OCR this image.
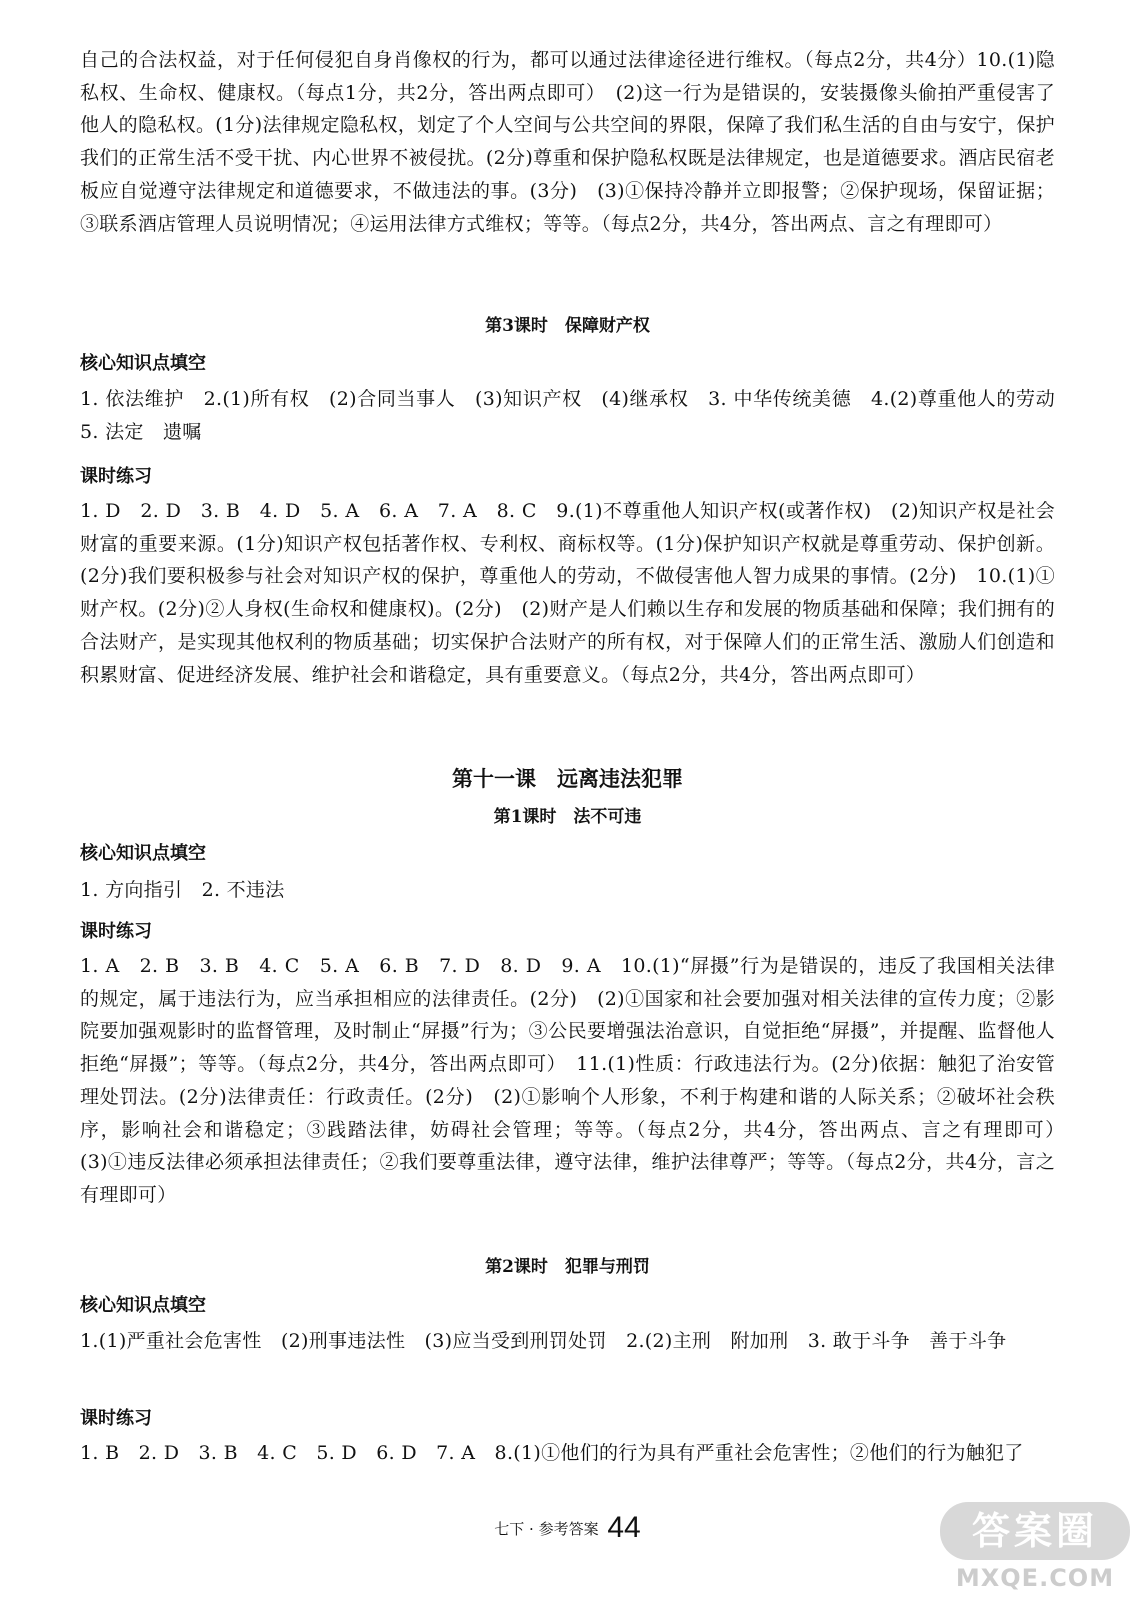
自己的合法权益，对于任何侵犯自身肖像权的行为，都可以通过法律途径进行维权。（每点2分，共4分）10.(1)隐私权、生命权、健康权。（每点1分，共2分，答出两点即可）　(2)这一行为是错误的，安装摄像头偷拍严重侵害了他人的隐私权。(1分)法律规定隐私权，划定了个人空间与公共空间的界限，保障了我们私生活的自由与安宁，保护我们的正常生活不受干扰、内心世界不被侵扰。(2分)尊重和保护隐私权既是法律规定，也是道德要求。酒店民宿老板应自觉遵守法律规定和道德要求，不做违法的事。(3分)　(3)①保持冷静并立即报警；②保护现场，保留证据；③联系酒店管理人员说明情况；④运用法律方式维权；等等。（每点2分，共4分，答出两点、言之有理即可）

第3课时　保障财产权
核心知识点填空

1. 依法维护　2.(1)所有权　(2)合同当事人　(3)知识产权　(4)继承权　3. 中华传统美德　4.(2)尊重他人的劳动　5. 法定　遗嘱

课时练习

1. D　2. D　3. B　4. D　5. A　6. A　7. A　8. C　9.(1)不尊重他人知识产权(或著作权)　(2)知识产权是社会财富的重要来源。(1分)知识产权包括著作权、专利权、商标权等。(1分)保护知识产权就是尊重劳动、保护创新。(2分)我们要积极参与社会对知识产权的保护，尊重他人的劳动，不做侵害他人智力成果的事情。(2分)　10.(1)①财产权。(2分)②人身权(生命权和健康权)。(2分)　(2)财产是人们赖以生存和发展的物质基础和保障；我们拥有的合法财产，是实现其他权利的物质基础；切实保护合法财产的所有权，对于保障人们的正常生活、激励人们创造和积累财富、促进经济发展、维护社会和谐稳定，具有重要意义。（每点2分，共4分，答出两点即可）

第十一课　远离违法犯罪
第1课时　法不可违
核心知识点填空

1. 方向指引　2. 不违法

课时练习

1. A　2. B　3. B　4. C　5. A　6. B　7. D　8. D　9. A　10.(1)“屏摄”行为是错误的，违反了我国相关法律的规定，属于违法行为，应当承担相应的法律责任。(2分)　(2)①国家和社会要加强对相关法律的宣传力度；②影院要加强观影时的监督管理，及时制止“屏摄”行为；③公民要增强法治意识，自觉拒绝“屏摄”，并提醒、监督他人拒绝“屏摄”；等等。（每点2分，共4分，答出两点即可）　11.(1)性质：行政违法行为。(2分)依据：触犯了治安管理处罚法。(2分)法律责任：行政责任。(2分)　(2)①影响个人形象，不利于构建和谐的人际关系；②破坏社会秩序，影响社会和谐稳定；③践踏法律，妨碍社会管理；等等。（每点2分，共4分，答出两点、言之有理即可）　(3)①违反法律必须承担法律责任；②我们要尊重法律，遵守法律，维护法律尊严；等等。（每点2分，共4分，言之有理即可）

第2课时　犯罪与刑罚
核心知识点填空

1.(1)严重社会危害性　(2)刑事违法性　(3)应当受到刑罚处罚　2.(2)主刑　附加刑　3. 敢于斗争　善于斗争

课时练习

1. B　2. D　3. B　4. C　5. D　6. D　7. A　8.(1)①他们的行为具有严重社会危害性；②他们的行为触犯了

七下 · 参考答案 44	答案圈
MXQE.COM
